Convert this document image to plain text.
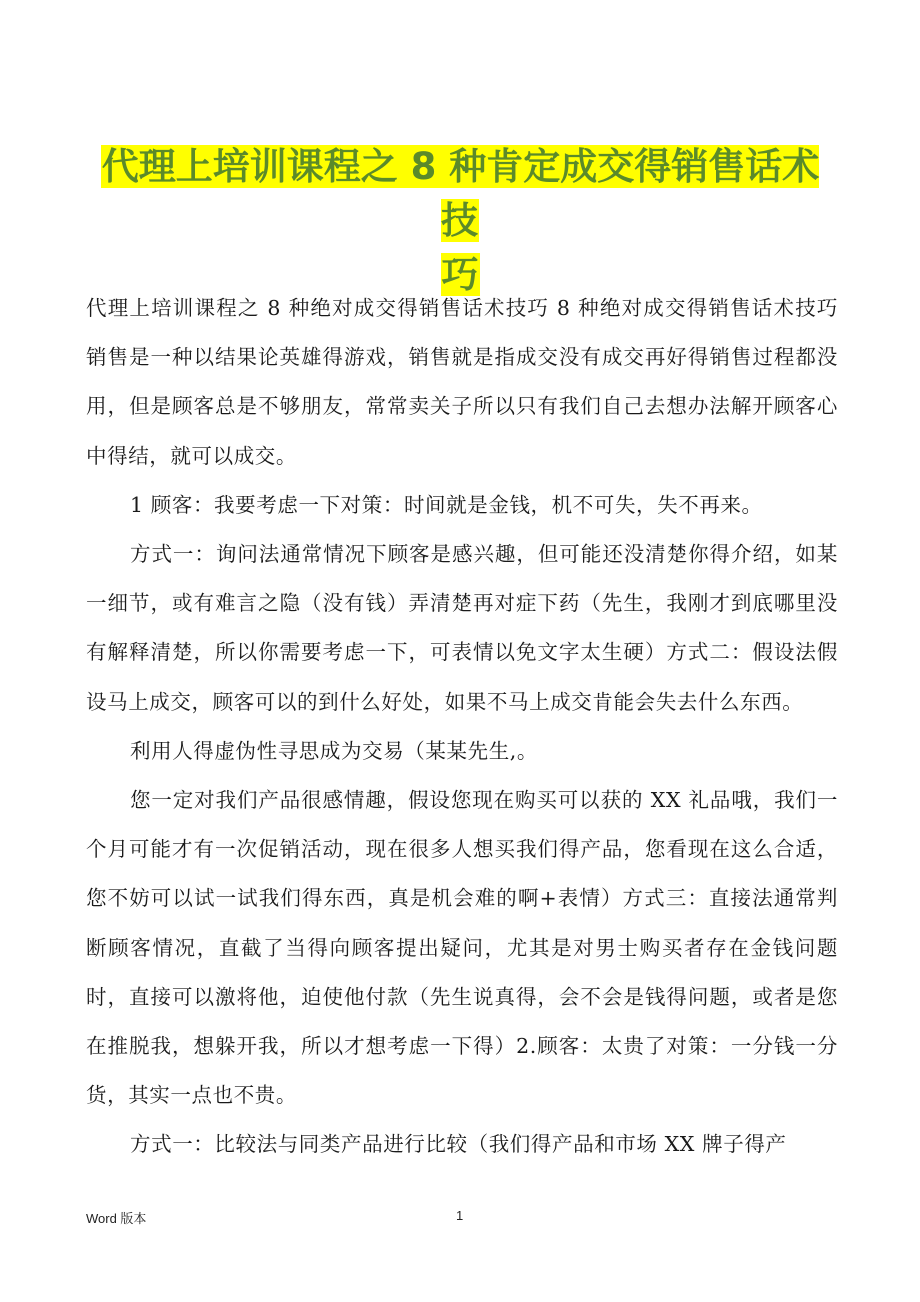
代理上培训课程之 8 种肯定成交得销售话术技
巧

代理上培训课程之 8 种绝对成交得销售话术技巧 8 种绝对成交得销售话术技巧销售是一种以结果论英雄得游戏，销售就是指成交没有成交再好得销售过程都没用，但是顾客总是不够朋友，常常卖关子所以只有我们自己去想办法解开顾客心中得结，就可以成交。

1 顾客：我要考虑一下对策：时间就是金钱，机不可失，失不再来。

方式一：询问法通常情况下顾客是感兴趣，但可能还没清楚你得介绍，如某一细节，或有难言之隐（没有钱）弄清楚再对症下药（先生，我刚才到底哪里没有解释清楚，所以你需要考虑一下，可表情以免文字太生硬）方式二：假设法假设马上成交，顾客可以的到什么好处，如果不马上成交肯能会失去什么东西。

利用人得虚伪性寻思成为交易（某某先生,。

您一定对我们产品很感情趣，假设您现在购买可以获的 XX 礼品哦，我们一个月可能才有一次促销活动，现在很多人想买我们得产品，您看现在这么合适，您不妨可以试一试我们得东西，真是机会难的啊+表情）方式三：直接法通常判断顾客情况，直截了当得向顾客提出疑问，尤其是对男士购买者存在金钱问题时，直接可以激将他，迫使他付款（先生说真得，会不会是钱得问题，或者是您在推脱我，想躲开我，所以才想考虑一下得）2.顾客：太贵了对策：一分钱一分货，其实一点也不贵。

方式一：比较法与同类产品进行比较（我们得产品和市场 XX 牌子得产

Word 版本	1
